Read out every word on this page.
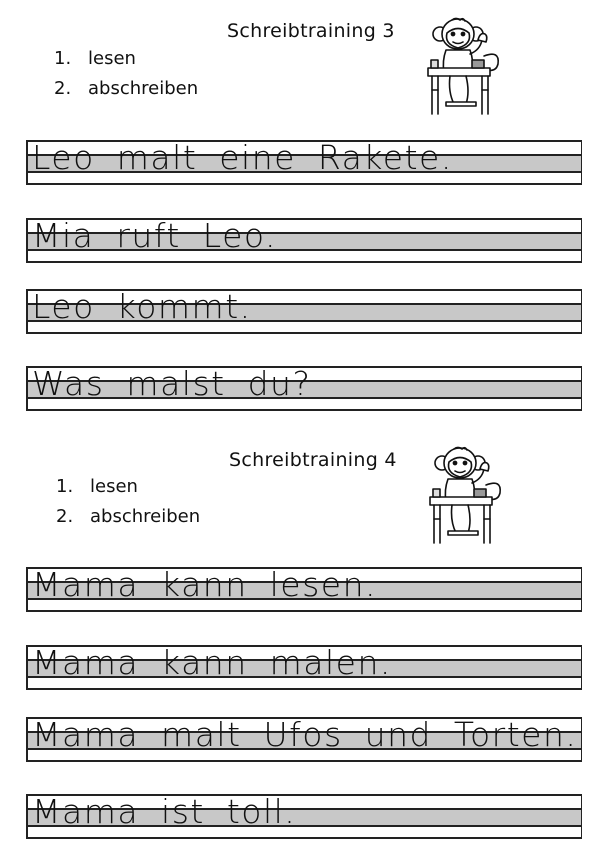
Schreibtraining 3
1. lesen
2. abschreiben
Leo malt eine Rakete.
Mia ruft Leo.
Leo kommt.
Was malst du?
Schreibtraining 4
1. lesen
2. abschreiben
Mama kann lesen.
Mama kann malen.
Mama malt Ufos und Torten.
Mama ist toll.
